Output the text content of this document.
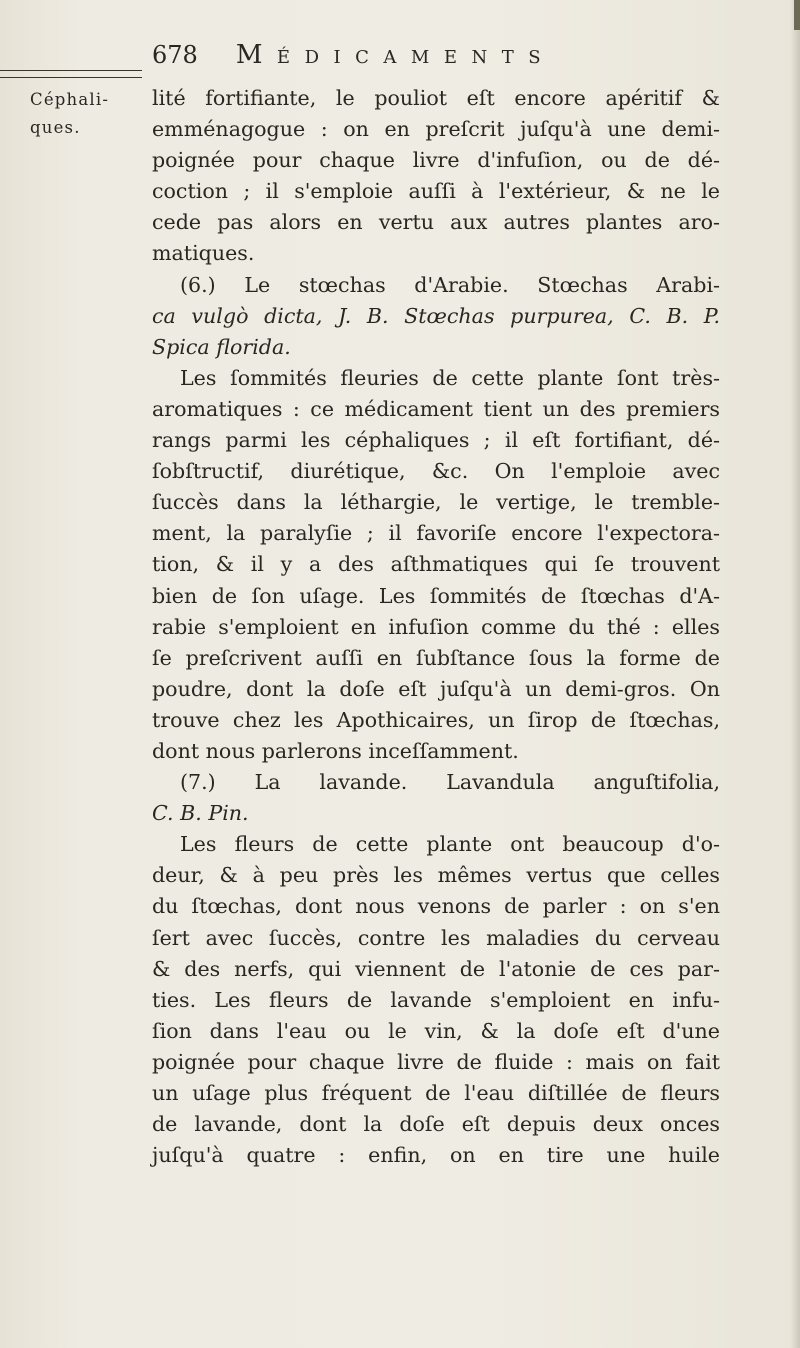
678 Médicaments
Céphali-
ques.
lité fortifiante, le pouliot eſt encore apéritif &
emménagogue : on en preſcrit juſqu'à une demi-
poignée pour chaque livre d'infuſion, ou de dé-
coction ; il s'emploie auſſi à l'extérieur, & ne le
cede pas alors en vertu aux autres plantes aro-
matiques.
(6.) Le stœchas d'Arabie. Stœchas Arabi-
ca vulgò dicta, J. B. Stœchas purpurea, C. B. P.
Spica florida.
Les ſommités fleuries de cette plante ſont très-
aromatiques : ce médicament tient un des premiers
rangs parmi les céphaliques ; il eſt fortifiant, dé-
ſobſtructif, diurétique, &c. On l'emploie avec
ſuccès dans la léthargie, le vertige, le tremble-
ment, la paralyſie ; il favoriſe encore l'expectora-
tion, & il y a des aſthmatiques qui ſe trouvent
bien de ſon uſage. Les ſommités de ſtœchas d'A-
rabie s'emploient en infuſion comme du thé : elles
ſe preſcrivent auſſi en ſubſtance ſous la forme de
poudre, dont la doſe eſt juſqu'à un demi-gros. On
trouve chez les Apothicaires, un ſirop de ſtœchas,
dont nous parlerons inceſſamment.
(7.) La lavande. Lavandula anguſtifolia,
C. B. Pin.
Les fleurs de cette plante ont beaucoup d'o-
deur, & à peu près les mêmes vertus que celles
du ſtœchas, dont nous venons de parler : on s'en
ſert avec ſuccès, contre les maladies du cerveau
& des nerfs, qui viennent de l'atonie de ces par-
ties. Les fleurs de lavande s'emploient en infu-
ſion dans l'eau ou le vin, & la doſe eſt d'une
poignée pour chaque livre de fluide : mais on fait
un uſage plus fréquent de l'eau diſtillée de fleurs
de lavande, dont la doſe eſt depuis deux onces
juſqu'à quatre : enfin, on en tire une huile
